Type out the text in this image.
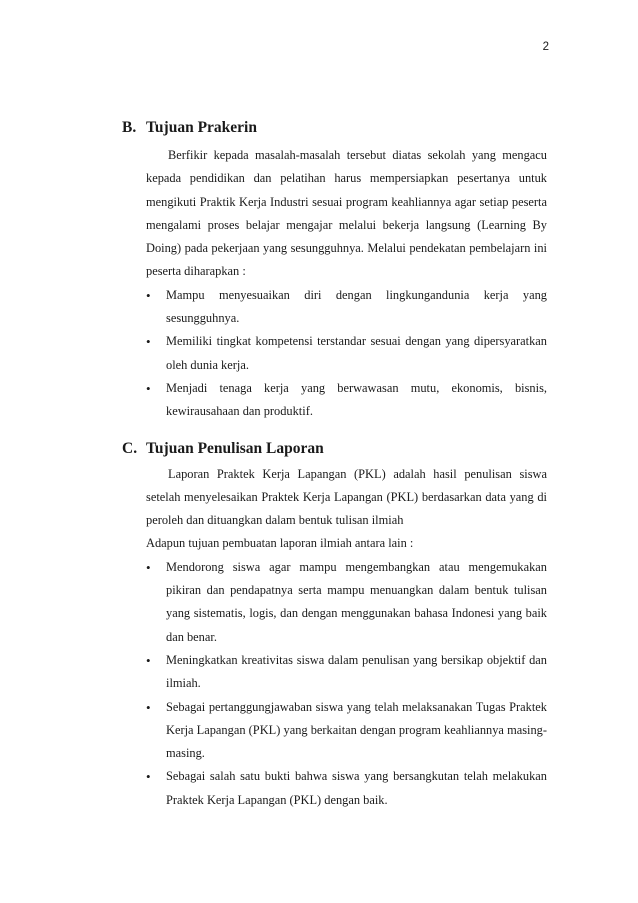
2
B. Tujuan Prakerin

Berfikir kepada masalah-masalah tersebut diatas sekolah yang mengacu kepada pendidikan dan pelatihan harus mempersiapkan pesertanya untuk mengikuti Praktik Kerja Industri sesuai program keahliannya agar setiap peserta mengalami proses belajar mengajar melalui bekerja langsung (Learning By Doing) pada pekerjaan yang sesungguhnya. Melalui pendekatan pembelajarn ini peserta diharapkan :

• Mampu menyesuaikan diri dengan lingkungandunia kerja yang sesungguhnya.
• Memiliki tingkat kompetensi terstandar sesuai dengan yang dipersyaratkan oleh dunia kerja.
• Menjadi tenaga kerja yang berwawasan mutu, ekonomis, bisnis, kewirausahaan dan produktif.
C. Tujuan Penulisan Laporan

Laporan Praktek Kerja Lapangan (PKL) adalah hasil penulisan siswa setelah menyelesaikan Praktek Kerja Lapangan (PKL) berdasarkan data yang di peroleh dan dituangkan dalam bentuk tulisan ilmiah

Adapun tujuan pembuatan laporan ilmiah antara lain :

• Mendorong siswa agar mampu mengembangkan atau mengemukakan pikiran dan pendapatnya serta mampu menuangkan dalam bentuk tulisan yang sistematis, logis, dan dengan menggunakan bahasa Indonesi yang baik dan benar.
• Meningkatkan kreativitas siswa dalam penulisan yang bersikap objektif dan ilmiah.
• Sebagai pertanggungjawaban siswa yang telah melaksanakan Tugas Praktek Kerja Lapangan (PKL) yang berkaitan dengan program keahliannya masing-masing.
• Sebagai salah satu bukti bahwa siswa yang bersangkutan telah melakukan Praktek Kerja Lapangan (PKL) dengan baik.
